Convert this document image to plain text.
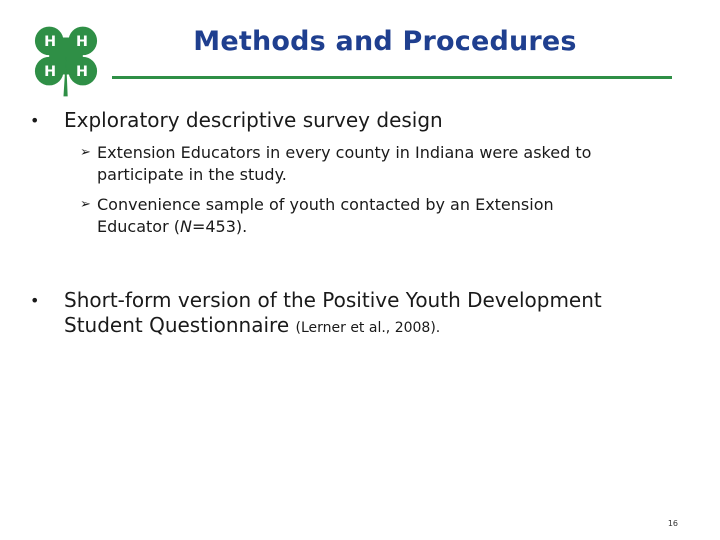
H H
H H
Methods and Procedures
• Exploratory descriptive survey design
➢ Extension Educators in every county in Indiana were asked to
participate in the study.
➢ Convenience sample of youth contacted by an Extension
Educator (N=453).
• Short-form version of the Positive Youth Development
Student Questionnaire (Lerner et al., 2008).
16
